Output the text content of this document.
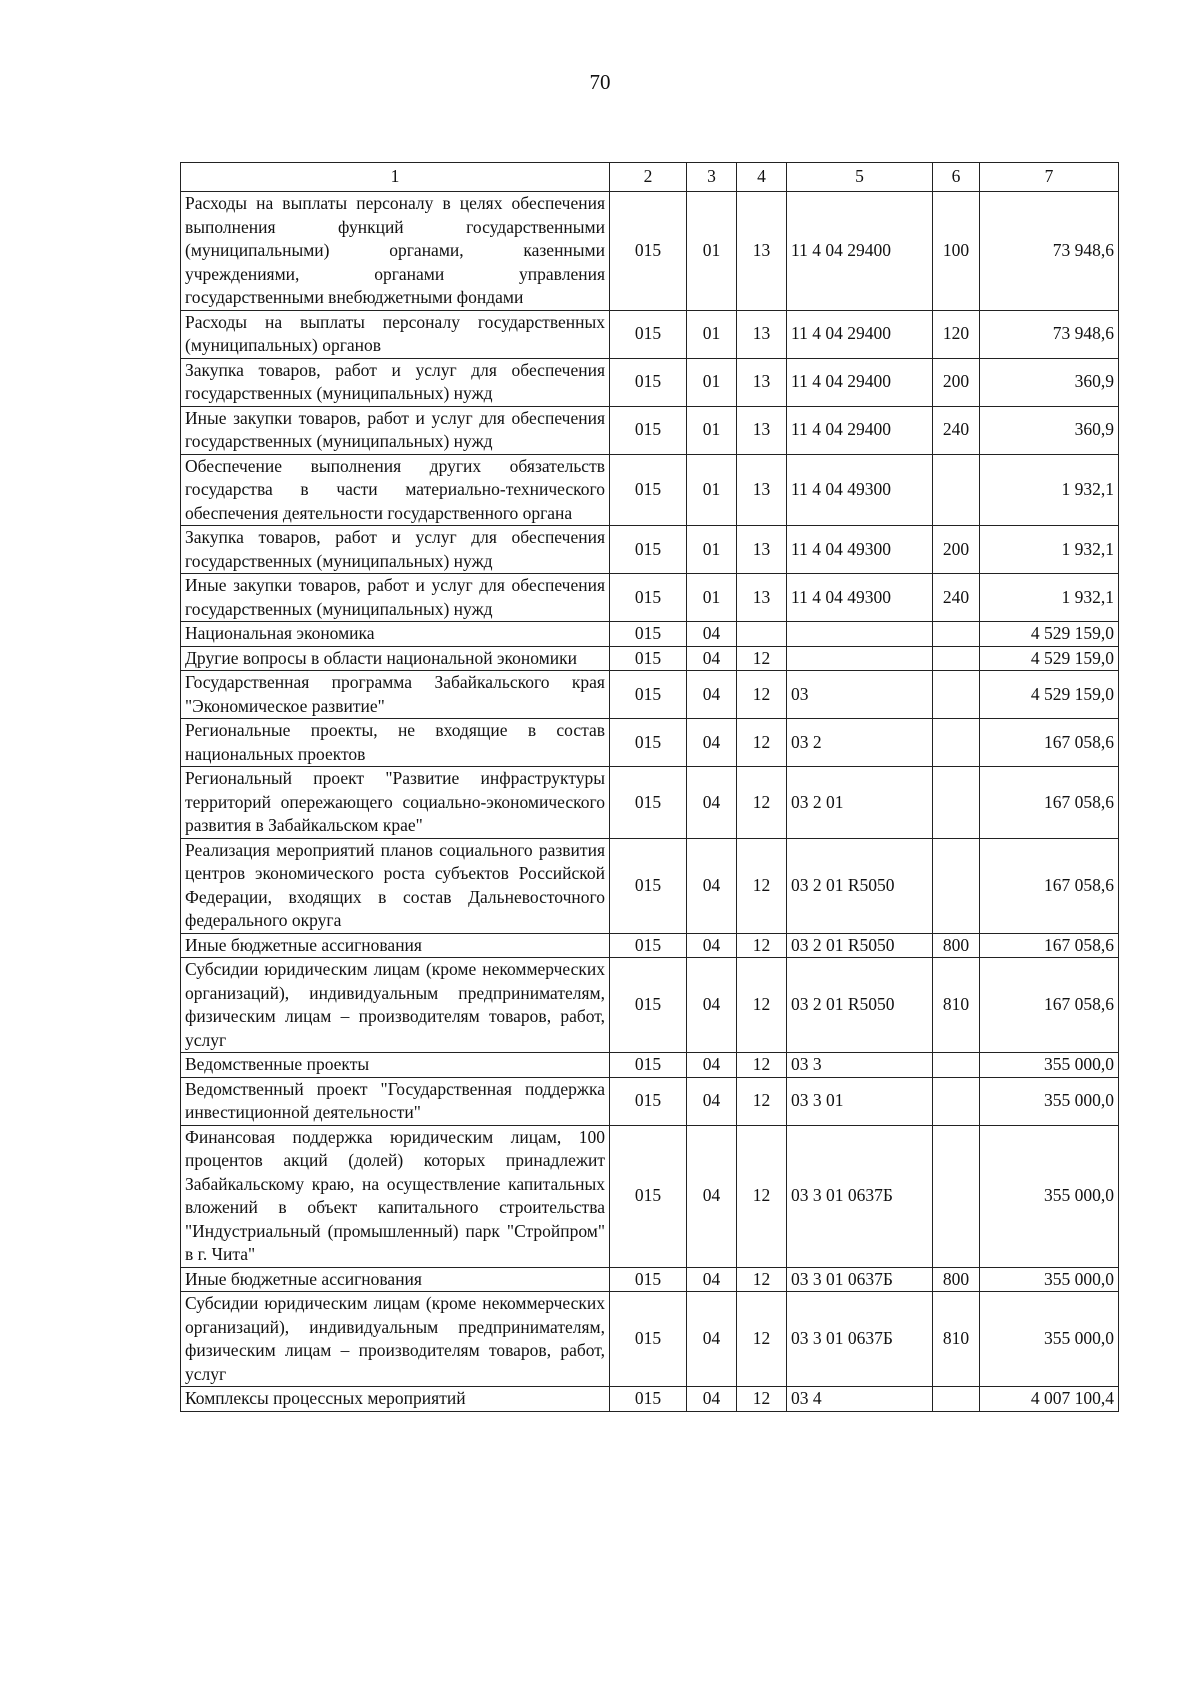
70
1	2	3	4	5	6	7
Расходы на выплаты персоналу в целях обеспечения выполнения функций государственными (муниципальными) органами, казенными учреждениями, органами управления государственными внебюджетными фондами	015	01	13	11 4 04 29400	100	73 948,6
Расходы на выплаты персоналу государственных (муниципальных) органов	015	01	13	11 4 04 29400	120	73 948,6
Закупка товаров, работ и услуг для обеспечения государственных (муниципальных) нужд	015	01	13	11 4 04 29400	200	360,9
Иные закупки товаров, работ и услуг для обеспечения государственных (муниципальных) нужд	015	01	13	11 4 04 29400	240	360,9
Обеспечение выполнения других обязательств государства в части материально-технического обеспечения деятельности государственного органа	015	01	13	11 4 04 49300		1 932,1
Закупка товаров, работ и услуг для обеспечения государственных (муниципальных) нужд	015	01	13	11 4 04 49300	200	1 932,1
Иные закупки товаров, работ и услуг для обеспечения государственных (муниципальных) нужд	015	01	13	11 4 04 49300	240	1 932,1
Национальная экономика	015	04				4 529 159,0
Другие вопросы в области национальной экономики	015	04	12			4 529 159,0
Государственная программа Забайкальского края "Экономическое развитие"	015	04	12	03		4 529 159,0
Региональные проекты, не входящие в состав национальных проектов	015	04	12	03 2		167 058,6
Региональный проект "Развитие инфраструктуры территорий опережающего социально-экономического развития в Забайкальском крае"	015	04	12	03 2 01		167 058,6
Реализация мероприятий планов социального развития центров экономического роста субъектов Российской Федерации, входящих в состав Дальневосточного федерального округа	015	04	12	03 2 01 R5050		167 058,6
Иные бюджетные ассигнования	015	04	12	03 2 01 R5050	800	167 058,6
Субсидии юридическим лицам (кроме некоммерческих организаций), индивидуальным предпринимателям, физическим лицам – производителям товаров, работ, услуг	015	04	12	03 2 01 R5050	810	167 058,6
Ведомственные проекты	015	04	12	03 3		355 000,0
Ведомственный проект "Государственная поддержка инвестиционной деятельности"	015	04	12	03 3 01		355 000,0
Финансовая поддержка юридическим лицам, 100 процентов акций (долей) которых принадлежит Забайкальскому краю, на осуществление капитальных вложений в объект капитального строительства "Индустриальный (промышленный) парк "Стройпром" в г. Чита"	015	04	12	03 3 01 0637Б		355 000,0
Иные бюджетные ассигнования	015	04	12	03 3 01 0637Б	800	355 000,0
Субсидии юридическим лицам (кроме некоммерческих организаций), индивидуальным предпринимателям, физическим лицам – производителям товаров, работ, услуг	015	04	12	03 3 01 0637Б	810	355 000,0
Комплексы процессных мероприятий	015	04	12	03 4		4 007 100,4
